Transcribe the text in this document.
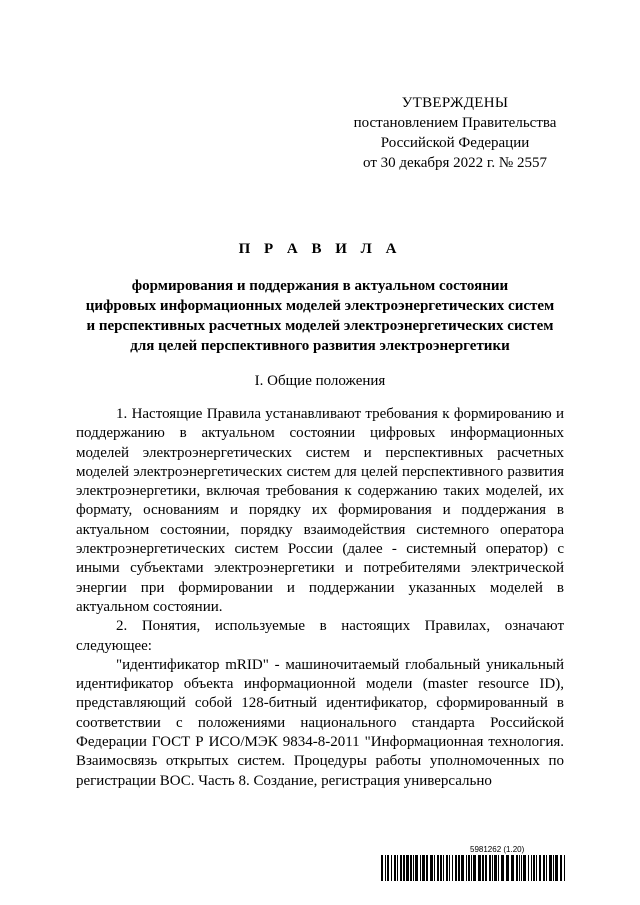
УТВЕРЖДЕНЫ
постановлением Правительства
Российской Федерации
от 30 декабря 2022 г. № 2557
П Р А В И Л А
формирования и поддержания в актуальном состоянии
цифровых информационных моделей электроэнергетических систем
и перспективных расчетных моделей электроэнергетических систем
для целей перспективного развития электроэнергетики
I. Общие положения

1. Настоящие Правила устанавливают требования к формированию и поддержанию в актуальном состоянии цифровых информационных моделей электроэнергетических систем и перспективных расчетных моделей электроэнергетических систем для целей перспективного развития электроэнергетики, включая требования к содержанию таких моделей, их формату, основаниям и порядку их формирования и поддержания в актуальном состоянии, порядку взаимодействия системного оператора электроэнергетических систем России (далее - системный оператор) с иными субъектами электроэнергетики и потребителями электрической энергии при формировании и поддержании указанных моделей в актуальном состоянии.

2. Понятия, используемые в настоящих Правилах, означают следующее:

"идентификатор mRID" - машиночитаемый глобальный уникальный идентификатор объекта информационной модели (master resource ID), представляющий собой 128-битный идентификатор, сформированный в соответствии с положениями национального стандарта Российской Федерации ГОСТ Р ИСО/МЭК 9834-8-2011 "Информационная технология. Взаимосвязь открытых систем. Процедуры работы уполномоченных по регистрации ВОС. Часть 8. Создание, регистрация универсально

5981262 (1.20)
